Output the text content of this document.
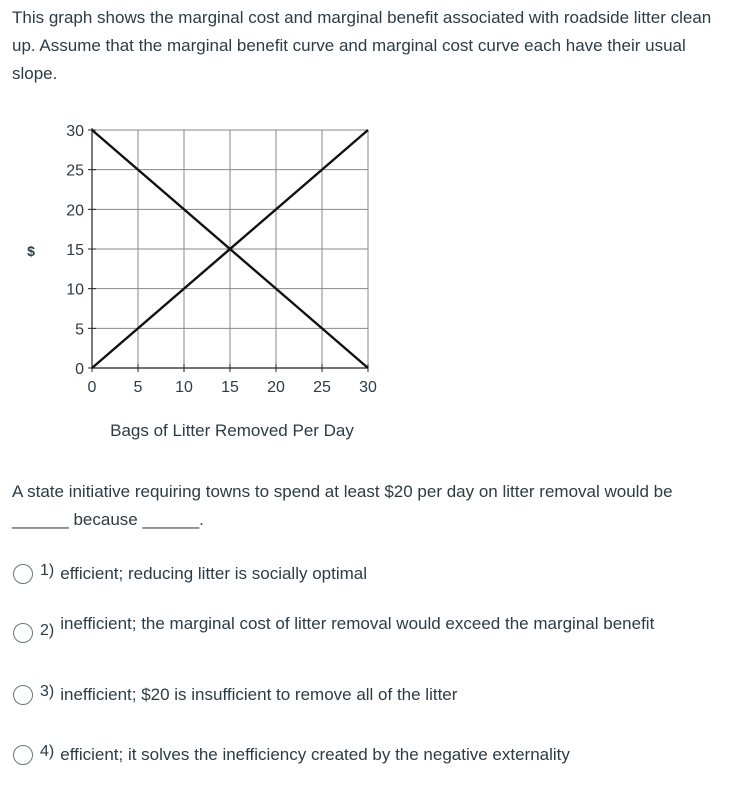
This graph shows the marginal cost and marginal benefit associated with roadside litter clean up. Assume that the marginal benefit curve and marginal cost curve each have their usual slope.

0
5
10
15
20
25
30
0 5 10 15 20 25 30
$
Bags of Litter Removed Per Day

A state initiative requiring towns to spend at least $20 per day on litter removal would be ______ because ______.

1) efficient; reducing litter is socially optimal
2) inefficient; the marginal cost of litter removal would exceed the marginal benefit
3) inefficient; $20 is insufficient to remove all of the litter
4) efficient; it solves the inefficiency created by the negative externality
